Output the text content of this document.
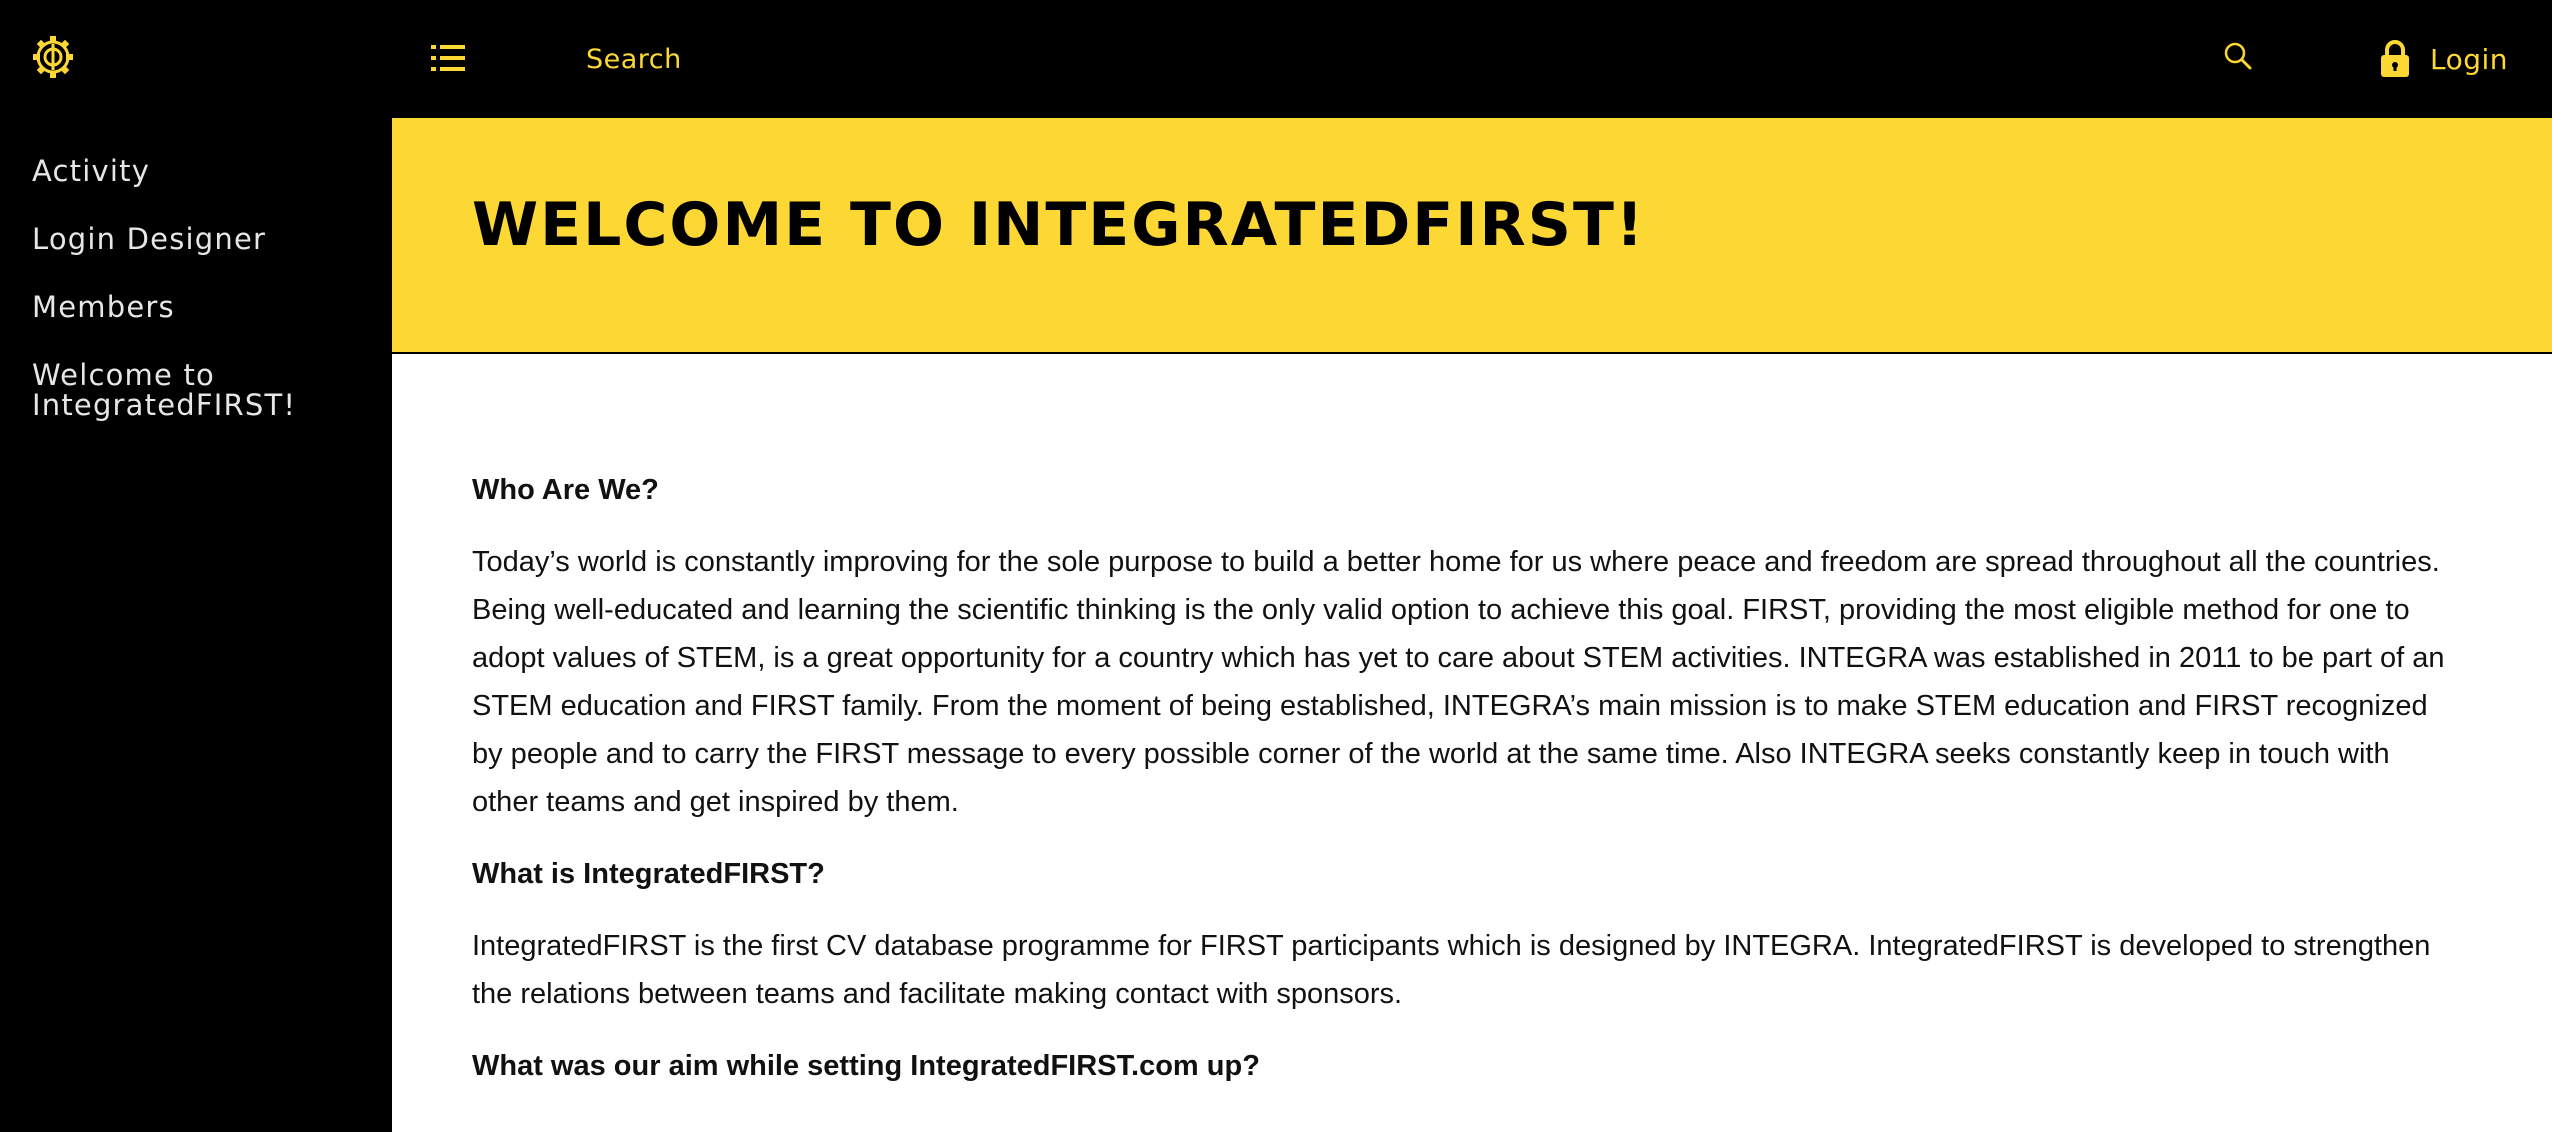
Search	Login
Activity
Login Designer
Members
Welcome to IntegratedFIRST!
WELCOME TO INTEGRATEDFIRST!
Who Are We?

Today’s world is constantly improving for the sole purpose to build a better home for us where peace and freedom are spread throughout all the countries. Being well-educated and learning the scientific thinking is the only valid option to achieve this goal. FIRST, providing the most eligible method for one to adopt values of STEM, is a great opportunity for a country which has yet to care about STEM activities. INTEGRA was established in 2011 to be part of an STEM education and FIRST family. From the moment of being established, INTEGRA’s main mission is to make STEM education and FIRST recognized by people and to carry the FIRST message to every possible corner of the world at the same time. Also INTEGRA seeks constantly keep in touch with other teams and get inspired by them.

What is IntegratedFIRST?

IntegratedFIRST is the first CV database programme for FIRST participants which is designed by INTEGRA. IntegratedFIRST is developed to strengthen the relations between teams and facilitate making contact with sponsors.

What was our aim while setting IntegratedFIRST.com up?
